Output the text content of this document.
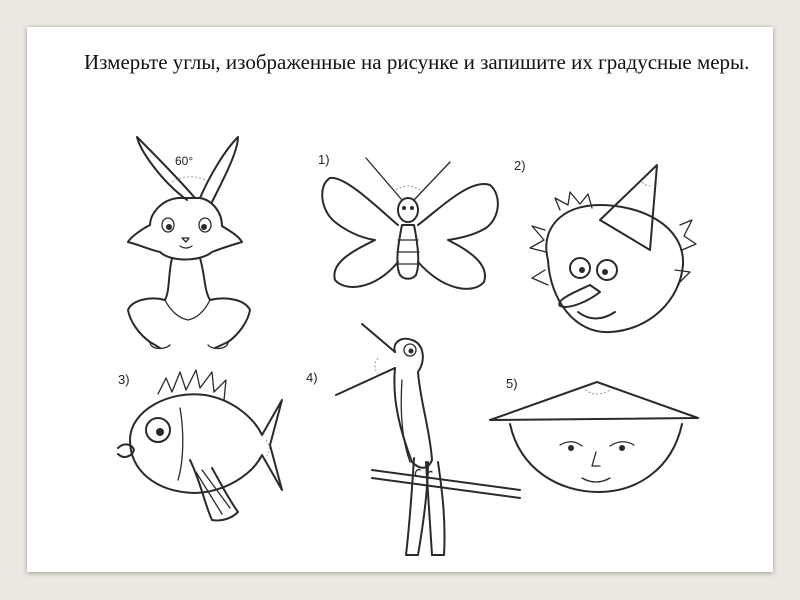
Измерьте углы, изображенные на рисунке и запишите их градусные меры.

60°	1)	2)
3)	4)	5)
